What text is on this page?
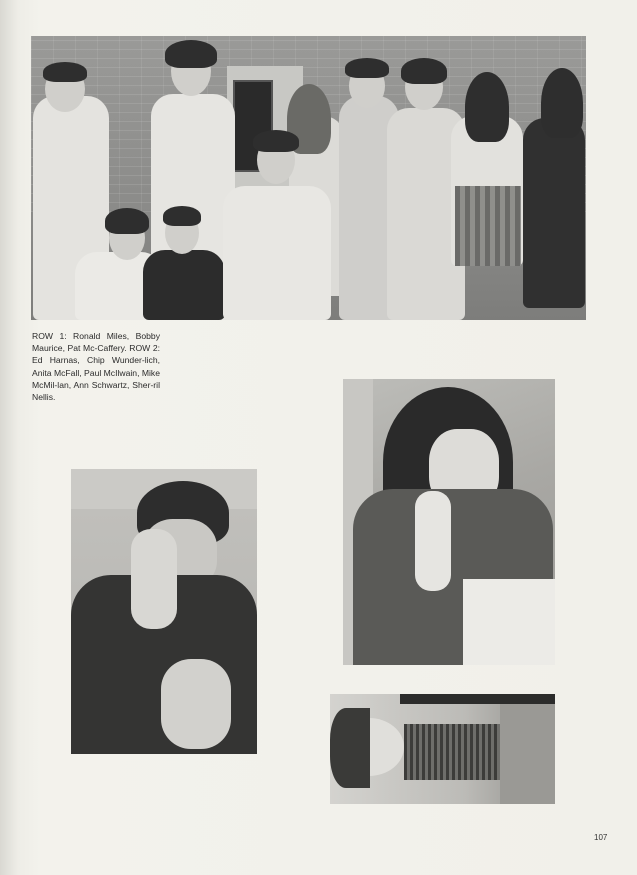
ROW 1: Ronald Miles, Bobby Maurice, Pat Mc-Caffery. ROW 2: Ed Harnas, Chip Wunder-lich, Anita McFall, Paul McIlwain, Mike McMil-lan, Ann Schwartz, Sher-ril Nellis.
107
